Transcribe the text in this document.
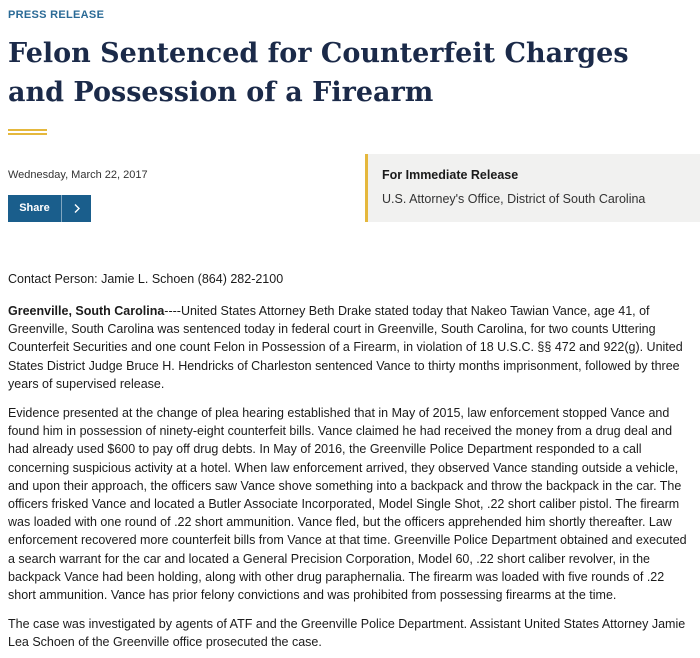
PRESS RELEASE
Felon Sentenced for Counterfeit Charges and Possession of a Firearm
Wednesday, March 22, 2017
Share
For Immediate Release
U.S. Attorney's Office, District of South Carolina
Contact Person: Jamie L. Schoen (864) 282-2100

Greenville, South Carolina----United States Attorney Beth Drake stated today that Nakeo Tawian Vance, age 41, of Greenville, South Carolina was sentenced today in federal court in Greenville, South Carolina, for two counts Uttering Counterfeit Securities and one count Felon in Possession of a Firearm, in violation of 18 U.S.C. §§ 472 and 922(g). United States District Judge Bruce H. Hendricks of Charleston sentenced Vance to thirty months imprisonment, followed by three years of supervised release.

Evidence presented at the change of plea hearing established that in May of 2015, law enforcement stopped Vance and found him in possession of ninety-eight counterfeit bills. Vance claimed he had received the money from a drug deal and had already used $600 to pay off drug debts. In May of 2016, the Greenville Police Department responded to a call concerning suspicious activity at a hotel. When law enforcement arrived, they observed Vance standing outside a vehicle, and upon their approach, the officers saw Vance shove something into a backpack and throw the backpack in the car. The officers frisked Vance and located a Butler Associate Incorporated, Model Single Shot, .22 short caliber pistol. The firearm was loaded with one round of .22 short ammunition. Vance fled, but the officers apprehended him shortly thereafter. Law enforcement recovered more counterfeit bills from Vance at that time. Greenville Police Department obtained and executed a search warrant for the car and located a General Precision Corporation, Model 60, .22 short caliber revolver, in the backpack Vance had been holding, along with other drug paraphernalia. The firearm was loaded with five rounds of .22 short ammunition. Vance has prior felony convictions and was prohibited from possessing firearms at the time.

The case was investigated by agents of ATF and the Greenville Police Department. Assistant United States Attorney Jamie Lea Schoen of the Greenville office prosecuted the case.
